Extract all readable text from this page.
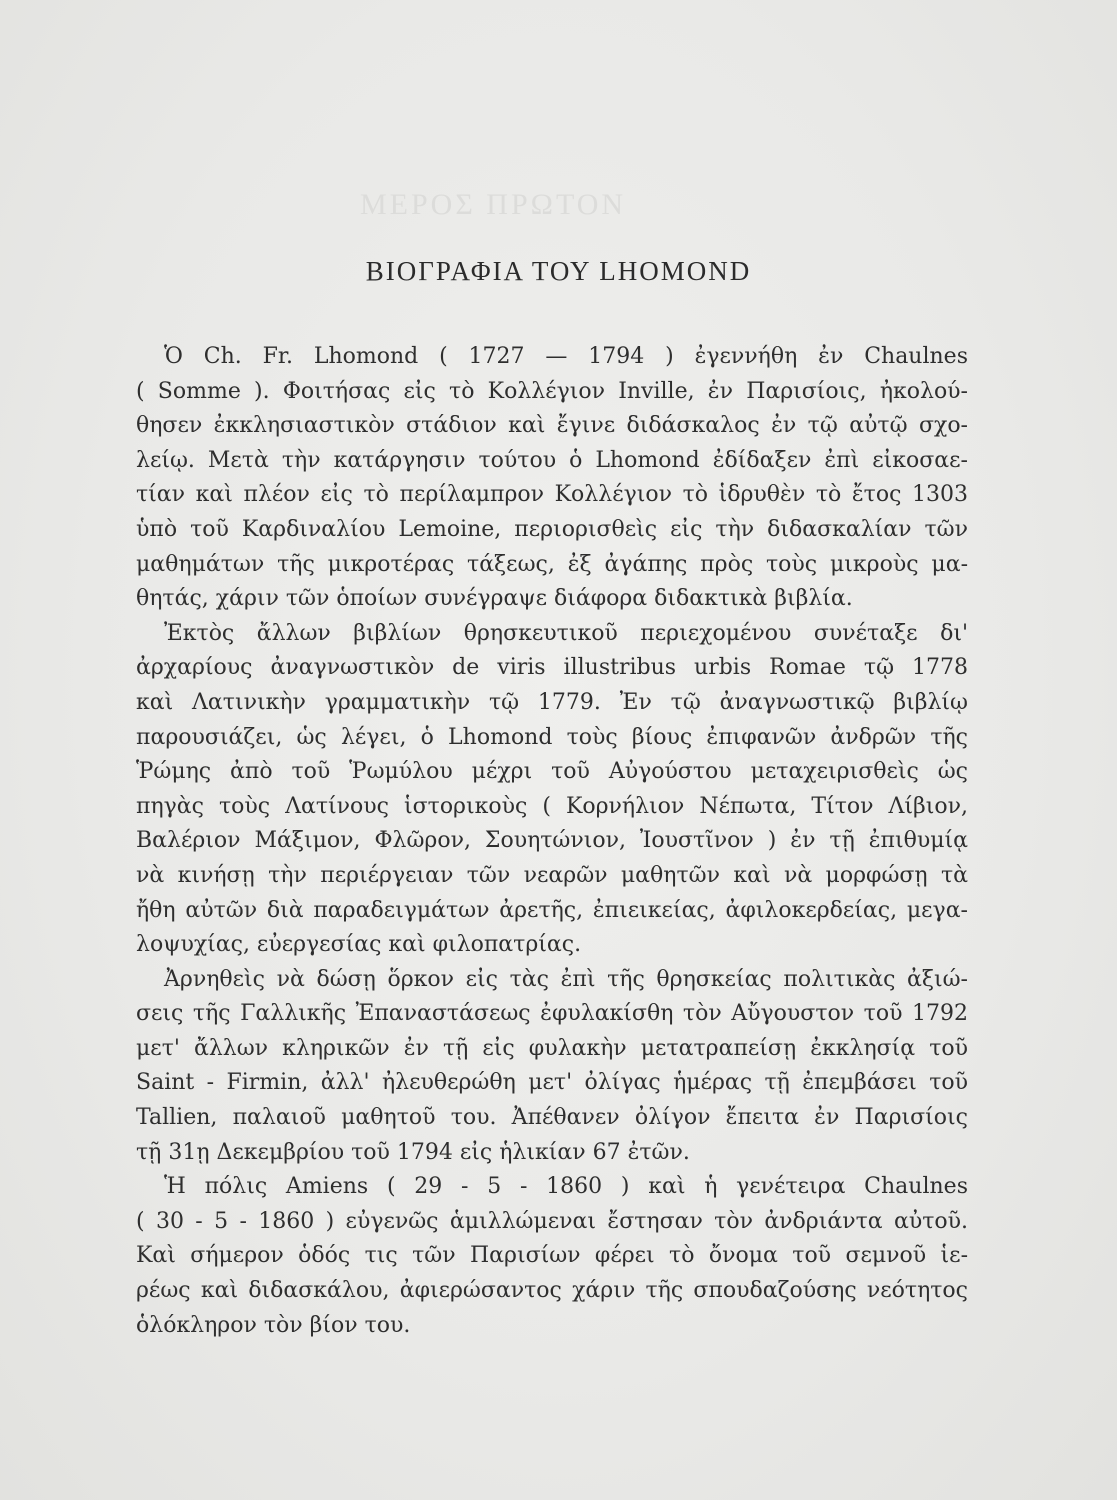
ΜΕΡΟΣ ΠΡΩΤΟΝ
ΒΙΟΓΡΑΦΙΑ ΤΟΥ LHOMOND
Ὁ Ch. Fr. Lhomond ( 1727 — 1794 ) ἐγεννήθη ἐν Chaulnes
( Somme ). Φοιτήσας εἰς τὸ Κολλέγιον Inville, ἐν Παρισίοις, ἠκολού-
θησεν ἐκκλησιαστικὸν στάδιον καὶ ἔγινε διδάσκαλος ἐν τῷ αὐτῷ σχο-
λείῳ. Μετὰ τὴν κατάργησιν τούτου ὁ Lhomond ἐδίδαξεν ἐπὶ εἰκοσαε-
τίαν καὶ πλέον εἰς τὸ περίλαμπρον Κολλέγιον τὸ ἱδρυθὲν τὸ ἔτος 1303
ὑπὸ τοῦ Καρδιναλίου Lemoine, περιορισθεὶς εἰς τὴν διδασκαλίαν τῶν
μαθημάτων τῆς μικροτέρας τάξεως, ἐξ ἀγάπης πρὸς τοὺς μικροὺς μα-
θητάς, χάριν τῶν ὁποίων συνέγραψε διάφορα διδακτικὰ βιβλία.
Ἐκτὸς ἄλλων βιβλίων θρησκευτικοῦ περιεχομένου συνέταξε δι'
ἀρχαρίους ἀναγνωστικὸν de viris illustribus urbis Romae τῷ 1778
καὶ Λατινικὴν γραμματικὴν τῷ 1779. Ἐν τῷ ἀναγνωστικῷ βιβλίῳ
παρουσιάζει, ὡς λέγει, ὁ Lhomond τοὺς βίους ἐπιφανῶν ἀνδρῶν τῆς
Ῥώμης ἀπὸ τοῦ Ῥωμύλου μέχρι τοῦ Αὐγούστου μεταχειρισθεὶς ὡς
πηγὰς τοὺς Λατίνους ἱστορικοὺς ( Κορνήλιον Νέπωτα, Τίτον Λίβιον,
Βαλέριον Μάξιμον, Φλῶρον, Σουητώνιον, Ἰουστῖνον ) ἐν τῇ ἐπιθυμίᾳ
νὰ κινήσῃ τὴν περιέργειαν τῶν νεαρῶν μαθητῶν καὶ νὰ μορφώσῃ τὰ
ἤθη αὐτῶν διὰ παραδειγμάτων ἀρετῆς, ἐπιεικείας, ἀφιλοκερδείας, μεγα-
λοψυχίας, εὐεργεσίας καὶ φιλοπατρίας.
Ἀρνηθεὶς νὰ δώσῃ ὅρκον εἰς τὰς ἐπὶ τῆς θρησκείας πολιτικὰς ἀξιώ-
σεις τῆς Γαλλικῆς Ἐπαναστάσεως ἐφυλακίσθη τὸν Αὔγουστον τοῦ 1792
μετ' ἄλλων κληρικῶν ἐν τῇ εἰς φυλακὴν μετατραπείσῃ ἐκκλησίᾳ τοῦ
Saint - Firmin, ἀλλ' ἠλευθερώθη μετ' ὀλίγας ἡμέρας τῇ ἐπεμβάσει τοῦ
Tallien, παλαιοῦ μαθητοῦ του. Ἀπέθανεν ὀλίγον ἔπειτα ἐν Παρισίοις
τῇ 31ῃ Δεκεμβρίου τοῦ 1794 εἰς ἡλικίαν 67 ἐτῶν.
Ἡ πόλις Amiens ( 29 - 5 - 1860 ) καὶ ἡ γενέτειρα Chaulnes
( 30 - 5 - 1860 ) εὐγενῶς ἁμιλλώμεναι ἔστησαν τὸν ἀνδριάντα αὐτοῦ.
Καὶ σήμερον ὁδός τις τῶν Παρισίων φέρει τὸ ὄνομα τοῦ σεμνοῦ ἱε-
ρέως καὶ διδασκάλου, ἀφιερώσαντος χάριν τῆς σπουδαζούσης νεότητος
ὁλόκληρον τὸν βίον του.
